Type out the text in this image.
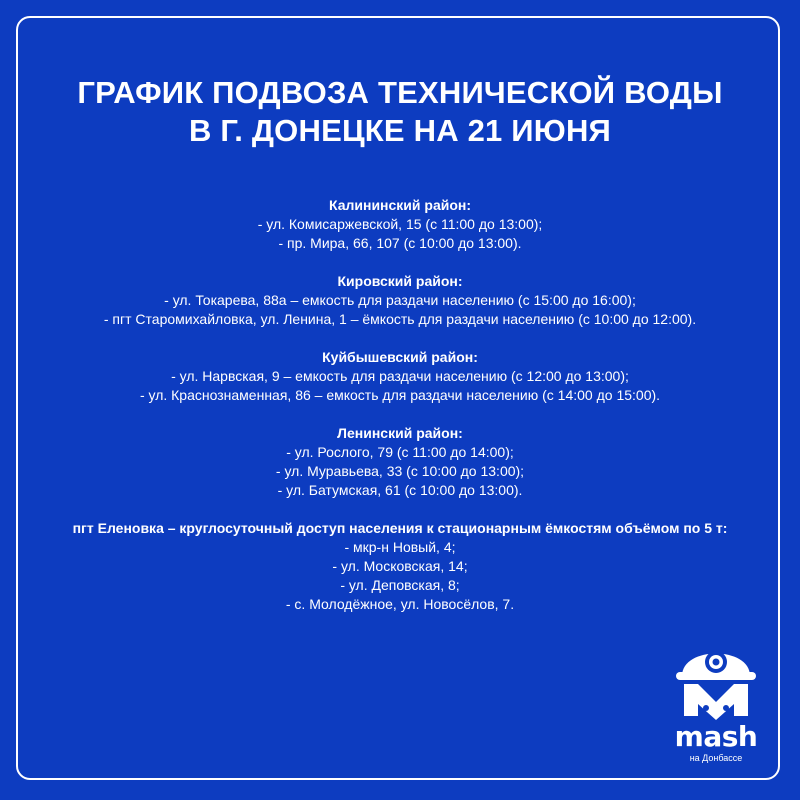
ГРАФИК ПОДВОЗА ТЕХНИЧЕСКОЙ ВОДЫ
В Г. ДОНЕЦКЕ НА 21 ИЮНЯ
Калининский район:
- ул. Комисаржевской, 15 (с 11:00 до 13:00);
- пр. Мира, 66, 107 (с 10:00 до 13:00).
Кировский район:
- ул. Токарева, 88а – емкость для раздачи населению (с 15:00 до 16:00);
- пгт Старомихайловка, ул. Ленина, 1 – ёмкость для раздачи населению (с 10:00 до 12:00).
Куйбышевский район:
- ул. Нарвская, 9 – емкость для раздачи населению (с 12:00 до 13:00);
- ул. Краснознаменная, 86 – емкость для раздачи населению (с 14:00 до 15:00).
Ленинский район:
- ул. Рослого, 79 (с 11:00 до 14:00);
- ул. Муравьева, 33 (с 10:00 до 13:00);
- ул. Батумская, 61 (с 10:00 до 13:00).
пгт Еленовка – круглосуточный доступ населения к стационарным ёмкостям объёмом по 5 т:
- мкр-н Новый, 4;
- ул. Московская, 14;
- ул. Деповская, 8;
- с. Молодёжное, ул. Новосёлов, 7.
mash
на Донбассе
